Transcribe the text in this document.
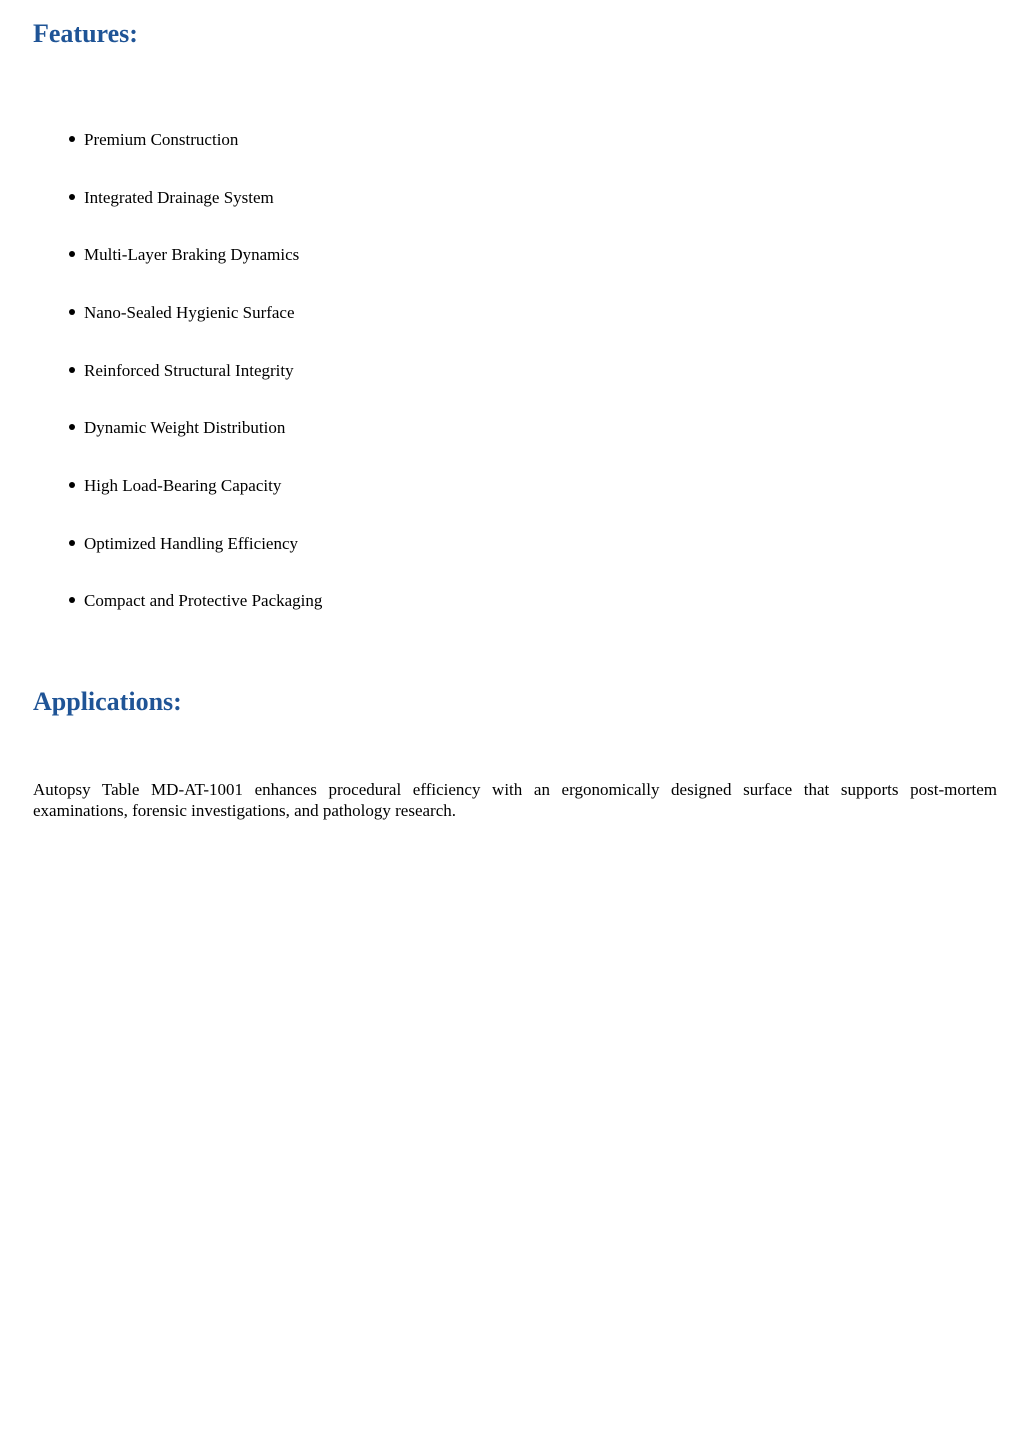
Features:
Premium Construction
Integrated Drainage System
Multi-Layer Braking Dynamics
Nano-Sealed Hygienic Surface
Reinforced Structural Integrity
Dynamic Weight Distribution
High Load-Bearing Capacity
Optimized Handling Efficiency
Compact and Protective Packaging
Applications:

Autopsy Table MD-AT-1001 enhances procedural efficiency with an ergonomically designed surface that supports post-mortem examinations, forensic investigations, and pathology research.
